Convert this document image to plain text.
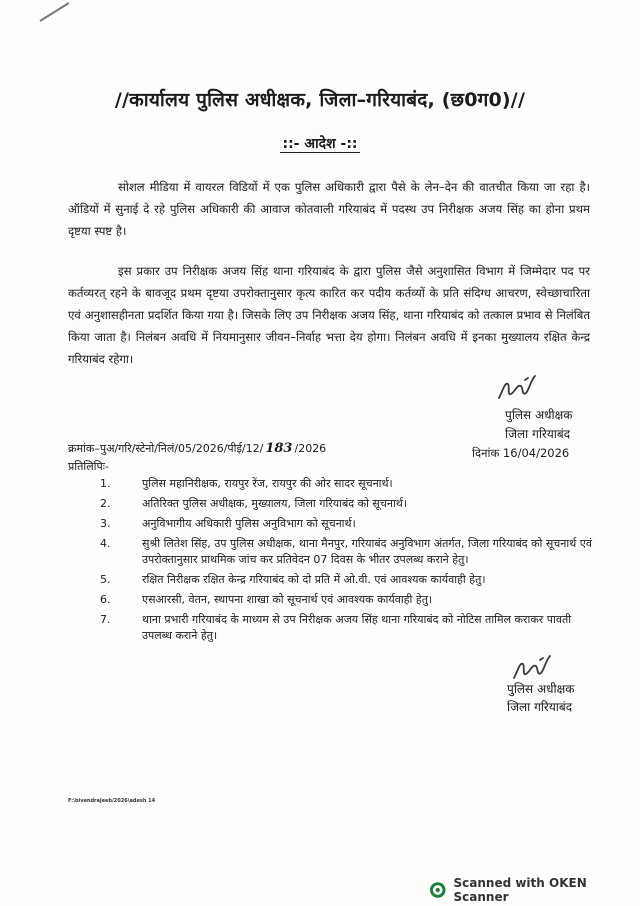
//कार्यालय पुलिस अधीक्षक, जिला–गरियाबंद, (छ0ग0)//
::- आदेश -::
सोशल मीडिया में वायरल विडियों में एक पुलिस अधिकारी द्वारा पैसे के लेन–देन की वातचीत किया जा रहा है। ऑडियों में सुनाई दे रहे पुलिस अधिकारी की आवाज कोतवाली गरियाबंद में पदस्थ उप निरीक्षक अजय सिंह का होना प्रथम दृष्टया स्पष्ट है।
इस प्रकार उप निरीक्षक अजय सिंह थाना गरियाबंद के द्वारा पुलिस जैसे अनुशासित विभाग में जिम्मेदार पद पर कर्तव्यरत् रहने के बावजूद प्रथम दृष्टया उपरोक्तानुसार कृत्य कारित कर पदीय कर्तव्यों के प्रति संदिग्ध आचरण, स्वेच्छाचारिता एवं अनुशासहीनता प्रदर्शित किया गया है। जिसके लिए उप निरीक्षक अजय सिंह, थाना गरियाबंद को तत्काल प्रभाव से निलंबित किया जाता है। निलंबन अवधि में नियमानुसार जीवन–निर्वाह भत्ता देय होगा। निलंबन अवधि में इनका मुख्यालय रक्षित केन्द्र गरियाबंद रहेगा।
पुलिस अधीक्षक
जिला गरियाबंद
क्रमांक–पुअ/गरि/स्टेनो/निलं/05/2026/पीई/12/ 183 /2026	दिनांक 16/04/2026
प्रतिलिपिः-
1.	पुलिस महानिरीक्षक, रायपुर रेंज, रायपुर की ओर सादर सूचनार्थ।
2.	अतिरिक्त पुलिस अधीक्षक, मुख्यालय, जिला गरियाबंद को सूचनार्थ।
3.	अनुविभागीय अधिकारी पुलिस अनुविभाग को सूचनार्थ।
4.	सुश्री लितेश सिंह, उप पुलिस अधीक्षक, थाना मैनपुर, गरियाबंद अनुविभाग अंतर्गत, जिला गरियाबंद को सूचनार्थ एवं उपरोक्तानुसार प्राथमिक जांच कर प्रतिवेदन 07 दिवस के भीतर उपलब्ध कराने हेतु।
5.	रक्षित निरीक्षक रक्षित केन्द्र गरियाबंद को दो प्रति में ओ.वी. एवं आवश्यक कार्यवाही हेतु।
6.	एसआरसी, वेतन, स्थापना शाखा को सूचनार्थ एवं आवश्यक कार्यवाही हेतु।
7.	थाना प्रभारी गरियाबंद के माध्यम से उप निरीक्षक अजय सिंह थाना गरियाबंद को नोटिस तामिल कराकर पावती उपलब्ध कराने हेतु।
पुलिस अधीक्षक
जिला गरियाबंद
F:\bivendrajeeb/2026\adesh 14
Scanned with OKEN Scanner
